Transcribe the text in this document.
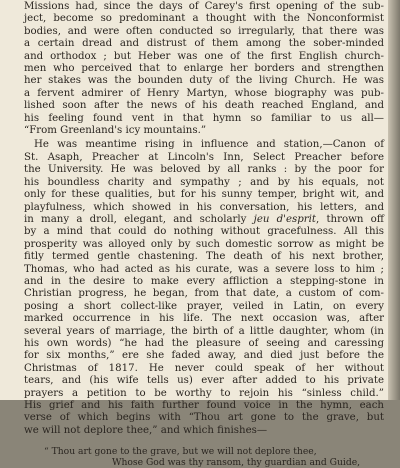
Missions had, since the days of Carey's first opening of the sub-
ject, become so predominant a thought with the Nonconformist
bodies, and were often conducted so irregularly, that there was
a certain dread and distrust of them among the sober-minded
and orthodox ; but Heber was one of the first English church-
men who perceived that to enlarge her borders and strengthen
her stakes was the bounden duty of the living Church. He was
a fervent admirer of Henry Martyn, whose biography was pub-
lished soon after the news of his death reached England, and
his feeling found vent in that hymn so familiar to us all—
“From Greenland's icy mountains.”
He was meantime rising in influence and station,—Canon of
St. Asaph, Preacher at Lincoln's Inn, Select Preacher before
the University. He was beloved by all ranks : by the poor for
his boundless charity and sympathy ; and by his equals, not
only for these qualities, but for his sunny temper, bright wit, and
playfulness, which showed in his conversation, his letters, and
in many a droll, elegant, and scholarly jeu d'esprit, thrown off
by a mind that could do nothing without gracefulness. All this
prosperity was alloyed only by such domestic sorrow as might be
fitly termed gentle chastening. The death of his next brother,
Thomas, who had acted as his curate, was a severe loss to him ;
and in the desire to make every affliction a stepping-stone in
Christian progress, he began, from that date, a custom of com-
posing a short collect-like prayer, veiled in Latin, on every
marked occurrence in his life. The next occasion was, after
several years of marriage, the birth of a little daughter, whom (in
his own words) “he had the pleasure of seeing and caressing
for six months,” ere she faded away, and died just before the
Christmas of 1817. He never could speak of her without
tears, and (his wife tells us) ever after added to his private
prayers a petition to be worthy to rejoin his “sinless child.”
His grief and his faith further found voice in the hymn, each
verse of which begins with “Thou art gone to the grave, but
we will not deplore thee,” and which finishes—
“ Thou art gone to the grave, but we will not deplore thee,
Whose God was thy ransom, thy guardian and Guide,
